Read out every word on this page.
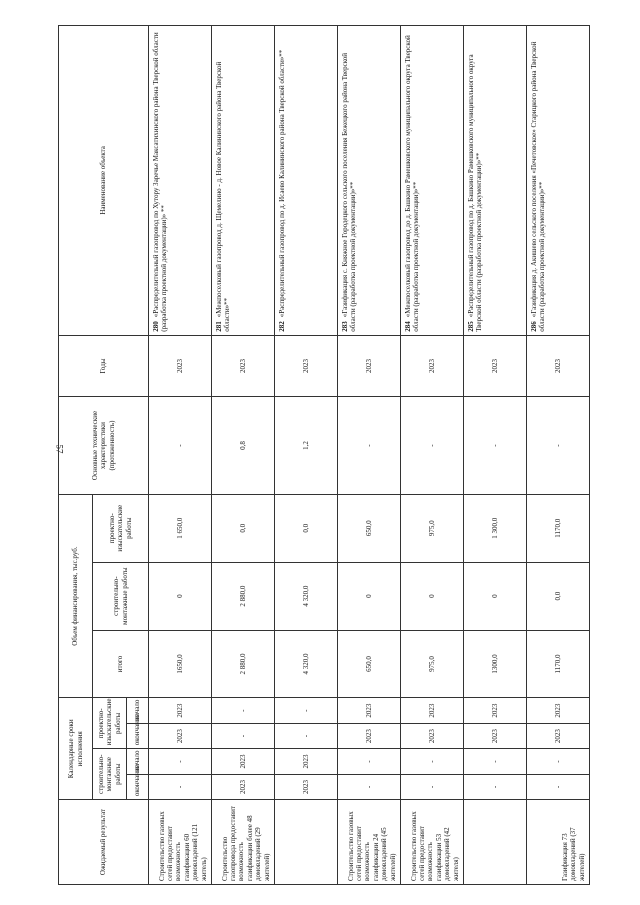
57
Ожидаемый результат	Календарные сроки исполнения				Объем финансирования, тыс.руб.			Основные технические характеристики (протяженность)	Годы	Наименование объекта
	строительно-монтажные работы		проектно-изыскательские работы		итого	строительно-монтажные работы	проектно-изыскательские работы			
	окончание	начало	окончание	начало						
Строительство газовых сетей предоставит возможность газификации 60 домовладений (121 житель)	-	-	2023	2023	1650,0	0	1 650,0	-	2023	280«Распределительный газопровод по Хутору Заречье Максатихинского района Тверской области (разработка проектной документации)» **
Строительство газопровода предоставит возможность газификации более 48 домовладений (29 жителей)	2023	2023	-	-	2 880,0	2 880,0	0,0	0,8	2023	281«Межпоселковый газопровод д. Щемелино - д. Новое Калининского района Тверской области»**
	2023	2023	-	-	4 320,0	4 320,0	0,0	1,2	2023	282«Распределительный газопровод по д. Исаево Калининского района Тверской области»**
Строительство газовых сетей предоставит возможность газификации 24 домовладений (45 жителей)	-	-	2023	2023	650,0	0	650,0	-	2023	283«Газификация с. Княжное Городецкого сельского поселения Бежецкого района Тверской области (разработка проектной документации)»**
Строительство газовых сетей предоставит возможность газификации 53 домовладений (42 жителя)	-	-	2023	2023	975,0	0	975,0	-	2023	284«Межпоселковый газопровод до д. Башкино Рамешковского муниципального округа Тверской области (разработка проектной документации)»**
	-	-	2023	2023	1300,0	0	1 300,0	-	2023	285«Распределительный газопровод по д. Башкино Рамешковского муниципального округа Тверской области (разработка проектной документации)»**
Газификация 73 домовладений (37 жителей)	-	-	2023	2023	1170,0	0,0	1170,0	-	2023	286«Газификация д. Акишево сельского поселения «Печетовское» Старицкого района Тверской области (разработка проектной документации)»**
